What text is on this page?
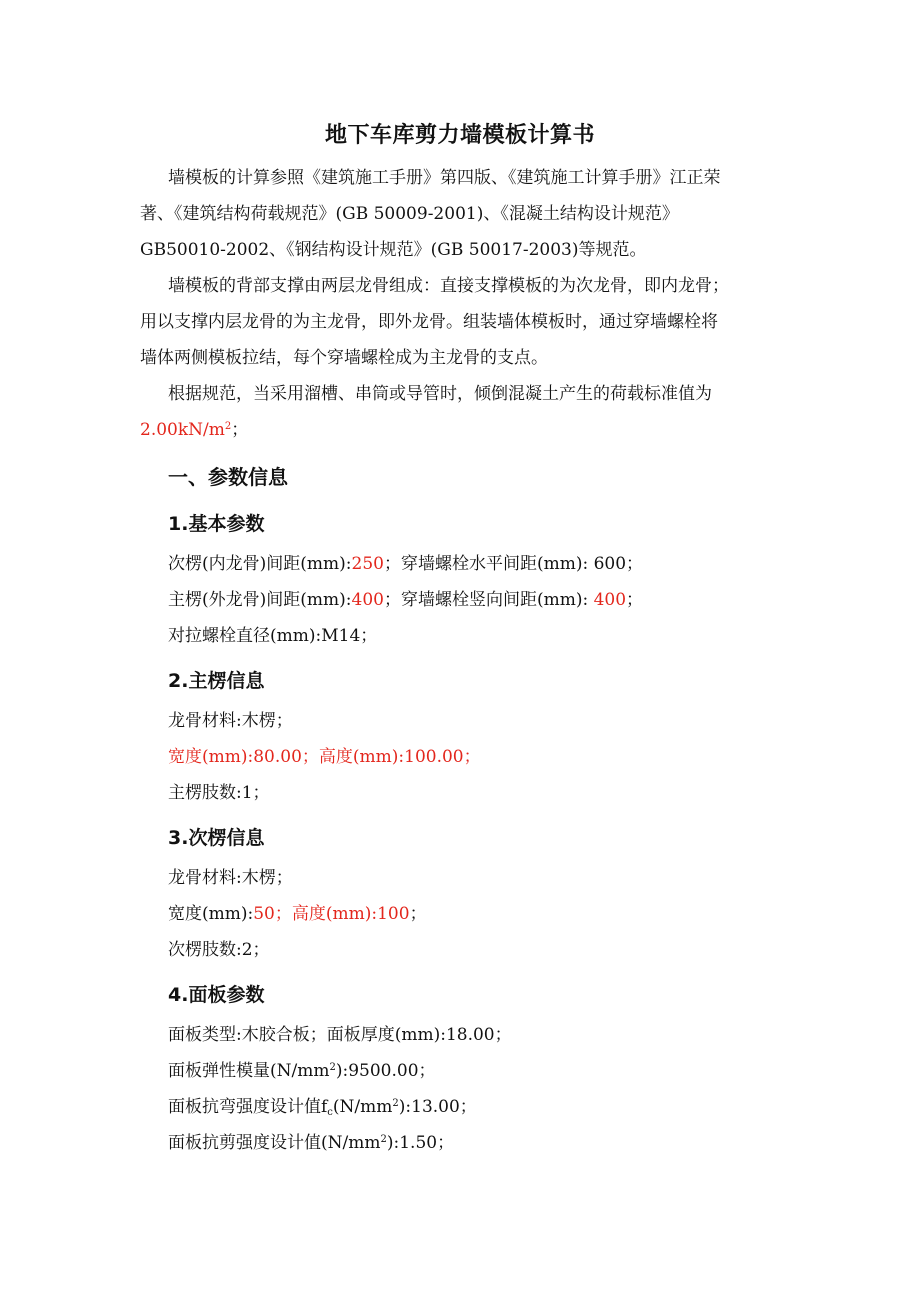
地下车库剪力墙模板计算书
墙模板的计算参照《建筑施工手册》第四版、《建筑施工计算手册》江正荣
著、《建筑结构荷载规范》(GB 50009-2001)、《混凝土结构设计规范》
GB50010-2002、《钢结构设计规范》(GB 50017-2003)等规范。
墙模板的背部支撑由两层龙骨组成：直接支撑模板的为次龙骨，即内龙骨；
用以支撑内层龙骨的为主龙骨，即外龙骨。组装墙体模板时，通过穿墙螺栓将
墙体两侧模板拉结，每个穿墙螺栓成为主龙骨的支点。
根据规范，当采用溜槽、串筒或导管时，倾倒混凝土产生的荷载标准值为
$2.00kN/m^2$；
一、参数信息
1.基本参数
次楞(内龙骨)间距(mm):250；穿墙螺栓水平间距(mm): 600；
主楞(外龙骨)间距(mm):400；穿墙螺栓竖向间距(mm): 400；
对拉螺栓直径(mm):M14；
2.主楞信息
龙骨材料:木楞；
宽度(mm):80.00；高度(mm):100.00；
主楞肢数:1；
3.次楞信息
龙骨材料:木楞；
宽度(mm):50；高度(mm):100；
次楞肢数:2；
4.面板参数
面板类型:木胶合板；面板厚度(mm):18.00；
面板弹性模量$(N/mm^2):9500.00$；
面板抗弯强度设计值$f_c(N/mm^2):13.00$；
面板抗剪强度设计值$(N/mm^2):1.50$；
